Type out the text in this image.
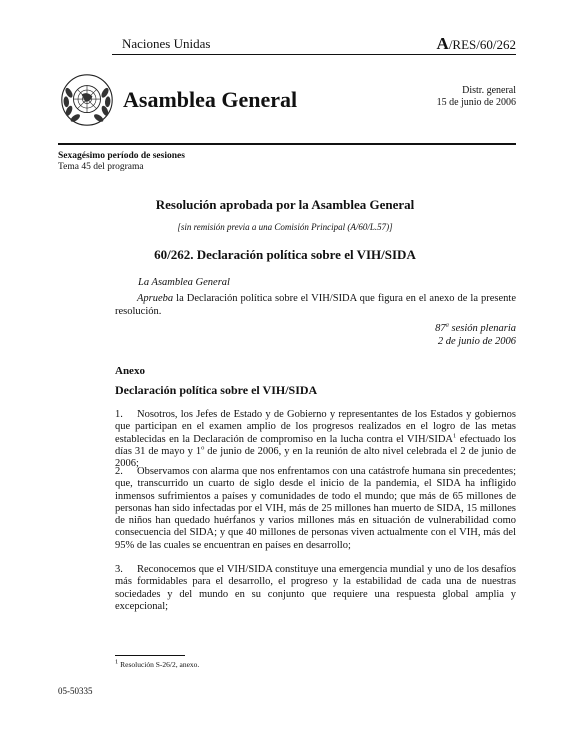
Naciones Unidas	A/RES/60/262
Asamblea General	Distr. general
15 de junio de 2006
Sexagésimo período de sesiones
Tema 45 del programa
Resolución aprobada por la Asamblea General
[sin remisión previa a una Comisión Principal (A/60/L.57)]
60/262. Declaración política sobre el VIH/SIDA
La Asamblea General
Aprueba la Declaración política sobre el VIH/SIDA que figura en el anexo de la presente resolución.
87$^a$ sesión plenaria
2 de junio de 2006
Anexo
Declaración política sobre el VIH/SIDA
1. Nosotros, los Jefes de Estado y de Gobierno y representantes de los Estados y gobiernos que participan en el examen amplio de los progresos realizados en el logro de las metas establecidas en la Declaración de compromiso en la lucha contra el VIH/SIDA$^1$ efectuado los días 31 de mayo y 1$^o$ de junio de 2006, y en la reunión de alto nivel celebrada el 2 de junio de 2006;
2. Observamos con alarma que nos enfrentamos con una catástrofe humana sin precedentes; que, transcurrido un cuarto de siglo desde el inicio de la pandemia, el SIDA ha infligido inmensos sufrimientos a países y comunidades de todo el mundo; que más de 65 millones de personas han sido infectadas por el VIH, más de 25 millones han muerto de SIDA, 15 millones de niños han quedado huérfanos y varios millones más en situación de vulnerabilidad como consecuencia del SIDA; y que 40 millones de personas viven actualmente con el VIH, más del 95% de las cuales se encuentran en países en desarrollo;
3. Reconocemos que el VIH/SIDA constituye una emergencia mundial y uno de los desafíos más formidables para el desarrollo, el progreso y la estabilidad de cada una de nuestras sociedades y del mundo en su conjunto que requiere una respuesta global amplia y excepcional;
$^1$ Resolución S-26/2, anexo.
05-50335
